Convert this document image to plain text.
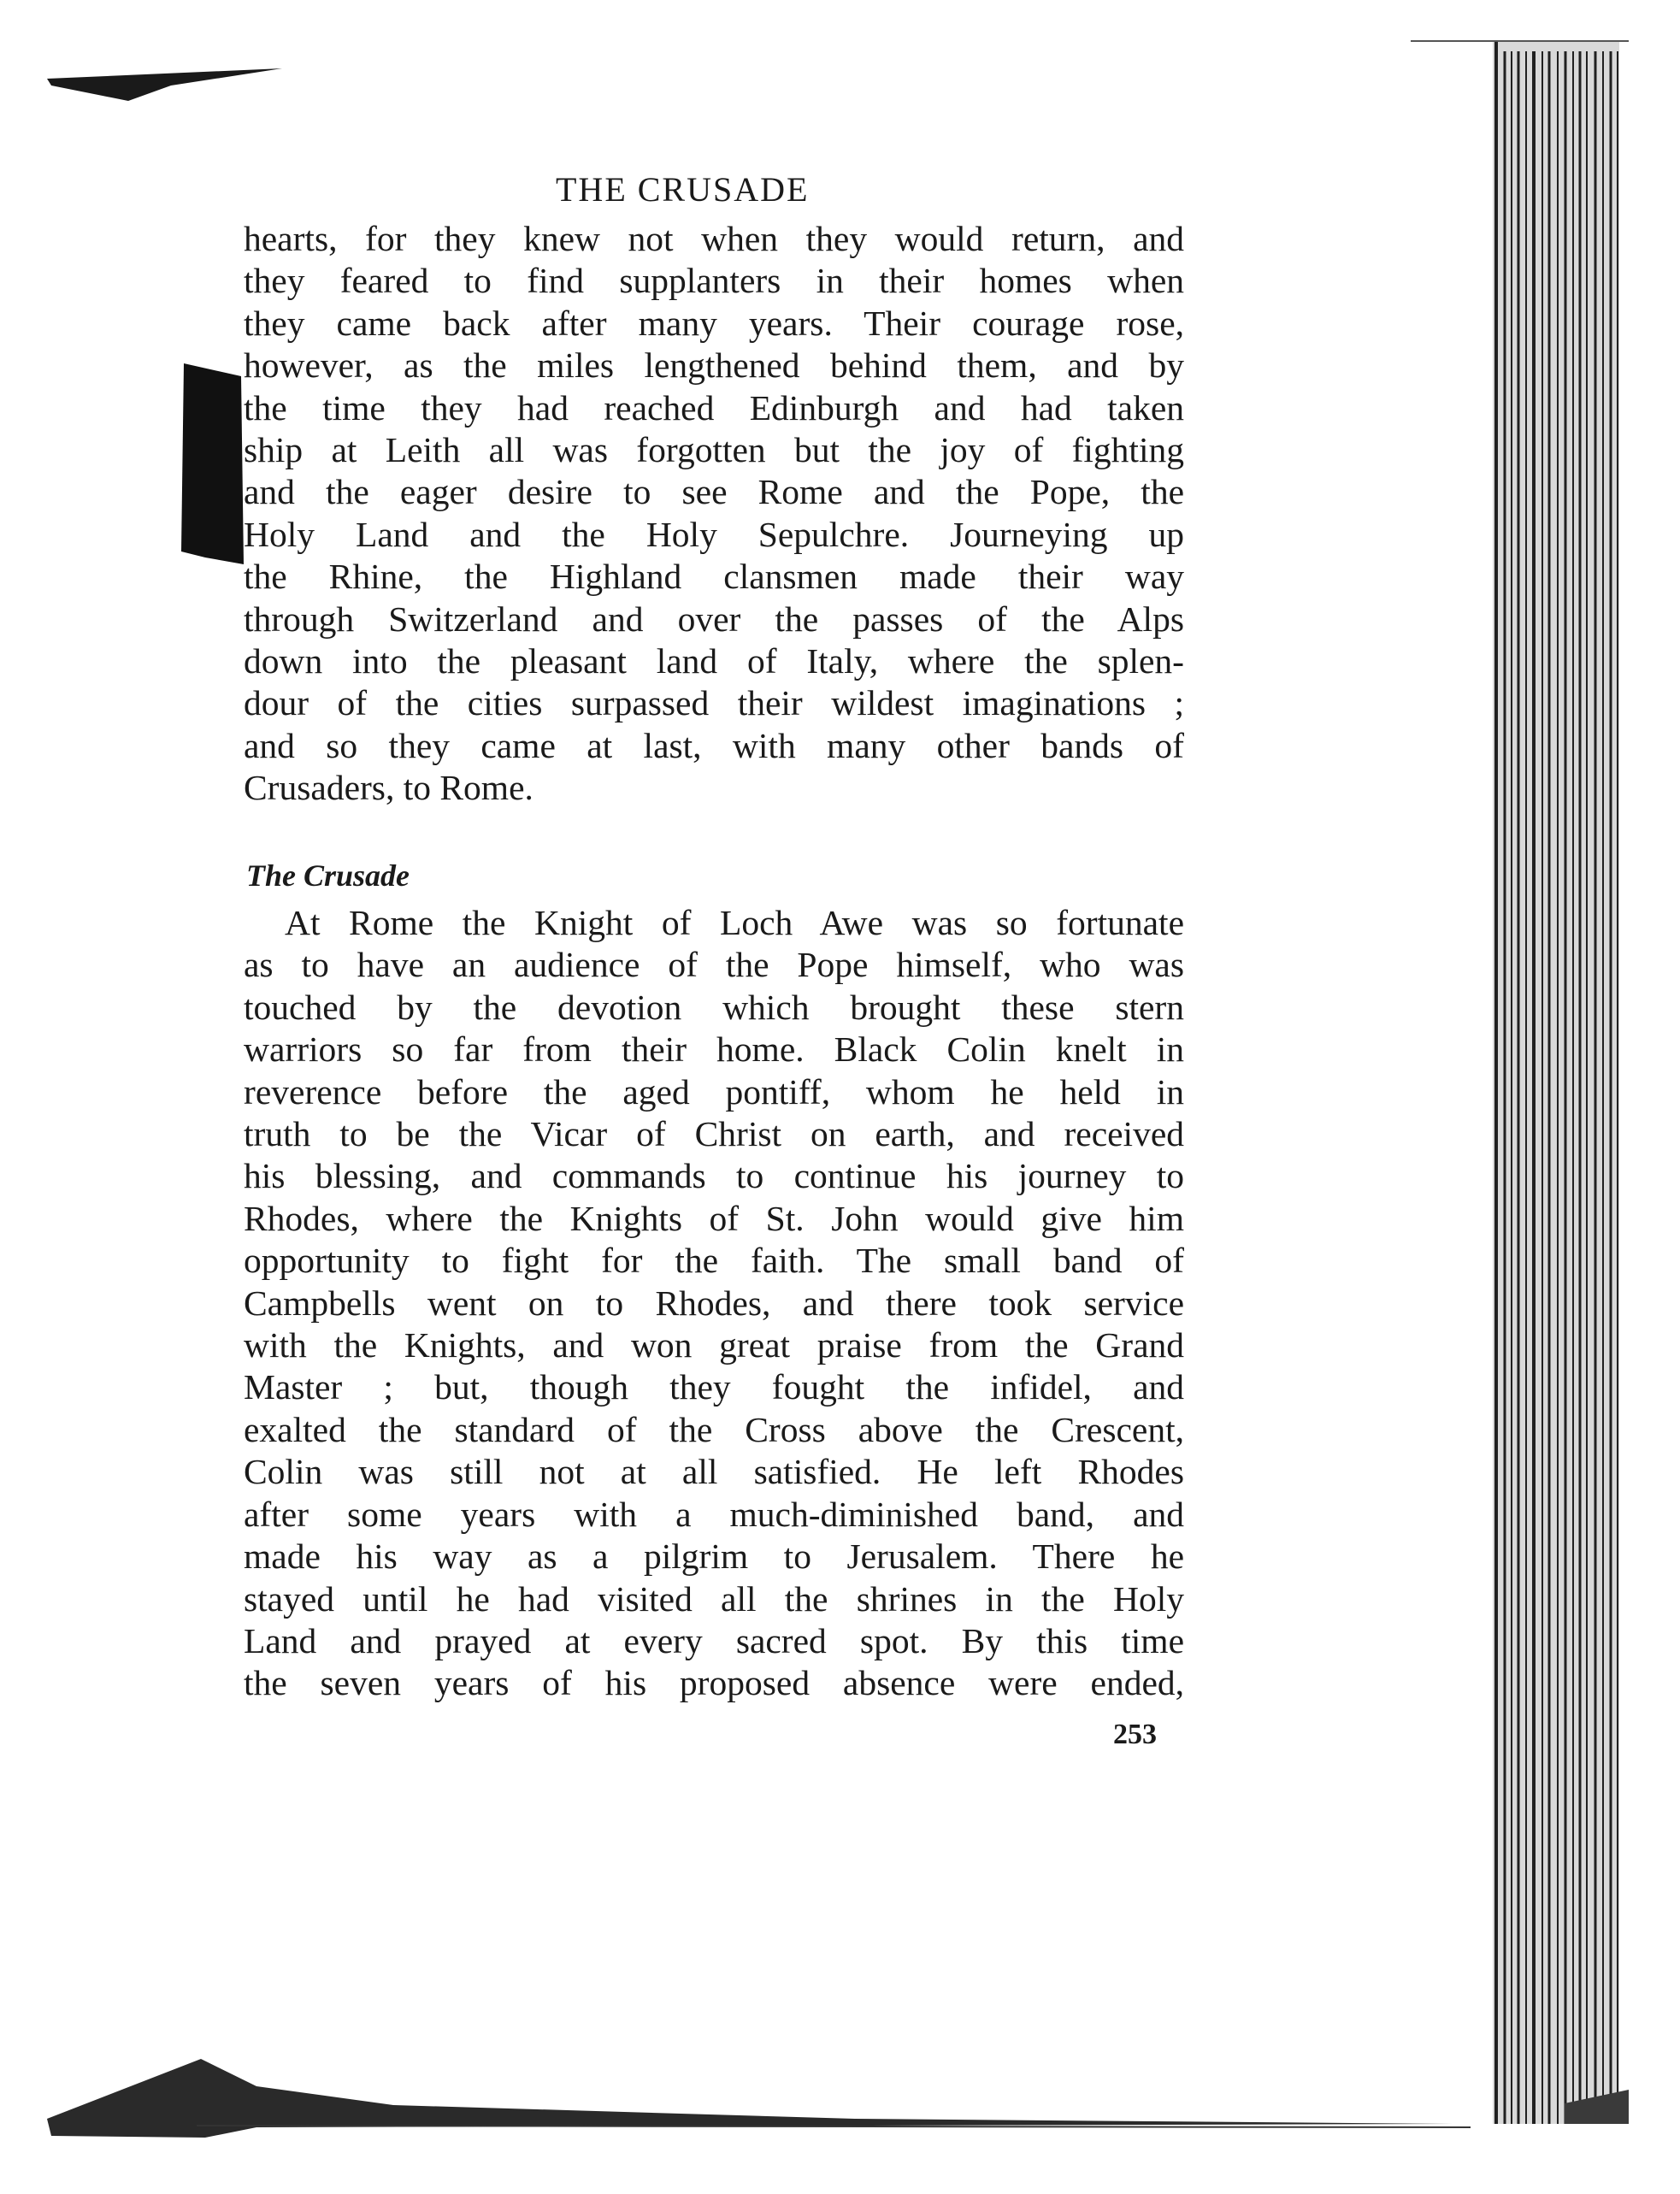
THE CRUSADE
hearts, for they knew not when they would return, and
they feared to find supplanters in their homes when
they came back after many years. Their courage rose,
however, as the miles lengthened behind them, and by
the time they had reached Edinburgh and had taken
ship at Leith all was forgotten but the joy of fighting
and the eager desire to see Rome and the Pope, the
Holy Land and the Holy Sepulchre. Journeying up
the Rhine, the Highland clansmen made their way
through Switzerland and over the passes of the Alps
down into the pleasant land of Italy, where the splen-
dour of the cities surpassed their wildest imaginations ;
and so they came at last, with many other bands of
Crusaders, to Rome.
The Crusade
At Rome the Knight of Loch Awe was so fortunate
as to have an audience of the Pope himself, who was
touched by the devotion which brought these stern
warriors so far from their home. Black Colin knelt in
reverence before the aged pontiff, whom he held in
truth to be the Vicar of Christ on earth, and received
his blessing, and commands to continue his journey to
Rhodes, where the Knights of St. John would give him
opportunity to fight for the faith. The small band of
Campbells went on to Rhodes, and there took service
with the Knights, and won great praise from the Grand
Master ; but, though they fought the infidel, and
exalted the standard of the Cross above the Crescent,
Colin was still not at all satisfied. He left Rhodes
after some years with a much-diminished band, and
made his way as a pilgrim to Jerusalem. There he
stayed until he had visited all the shrines in the Holy
Land and prayed at every sacred spot. By this time
the seven years of his proposed absence were ended,
253
